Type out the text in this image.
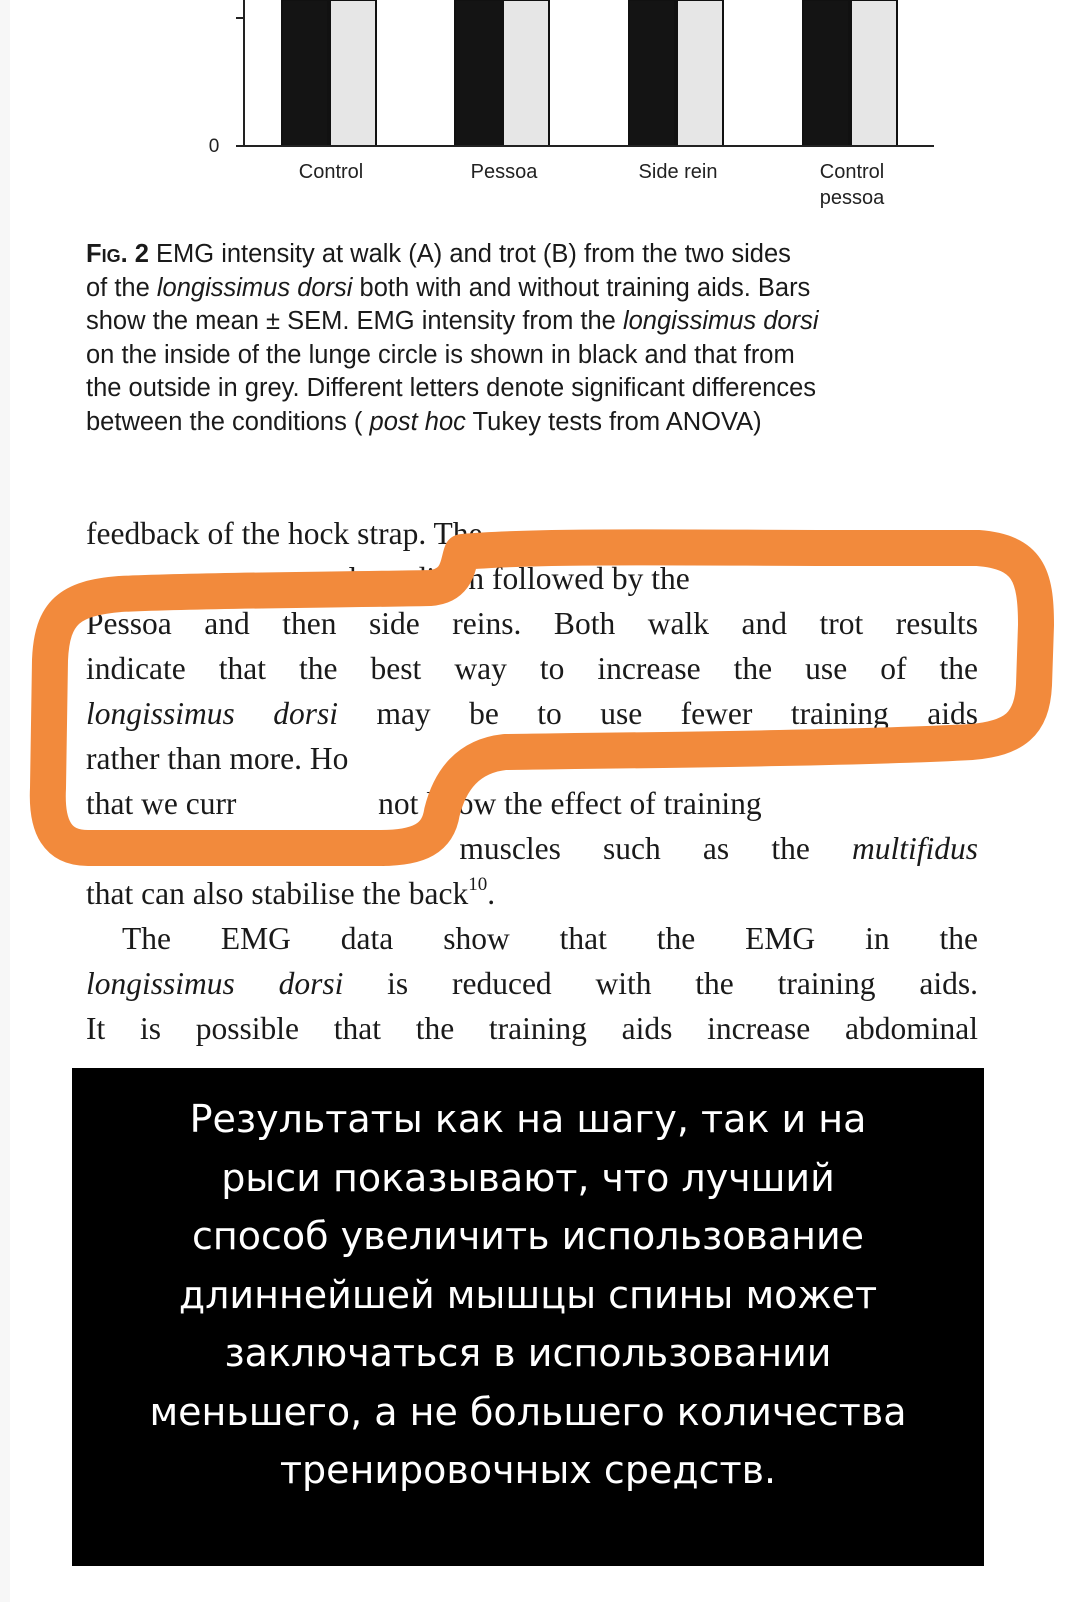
0
Control	Pessoa	Side rein	Control
pessoa
Fig. 2 EMG intensity at walk (A) and trot (B) from the two sides
of the longissimus dorsi both with and without training aids. Bars
show the mean ± SEM. EMG intensity from the longissimus dorsi
on the inside of the lunge circle is shown in black and that from
the outside in grey. Different letters denote significant differences
between the conditions ( post hoc Tukey tests from ANOVA)
feedback of the hock strap. The
rol condition followed by the
Pessoa and then side reins. Both walk and trot results
indicate that the best way to increase the use of the
longissimus dorsi may be to use fewer training aids
rather than more. Ho
that we curr                  not know the effect of training
aids on the deeper muscles such as the multifidus
that can also stabilise the back$^{10}$.
The EMG data show that the EMG in the
longissimus dorsi is reduced with the training aids.
It is possible that the training aids increase abdominal
Результаты как на шагу, так и на
рыси показывают, что лучший
способ увеличить использование
длиннейшей мышцы спины может
заключаться в использовании
меньшего, а не большего количества
тренировочных средств.
